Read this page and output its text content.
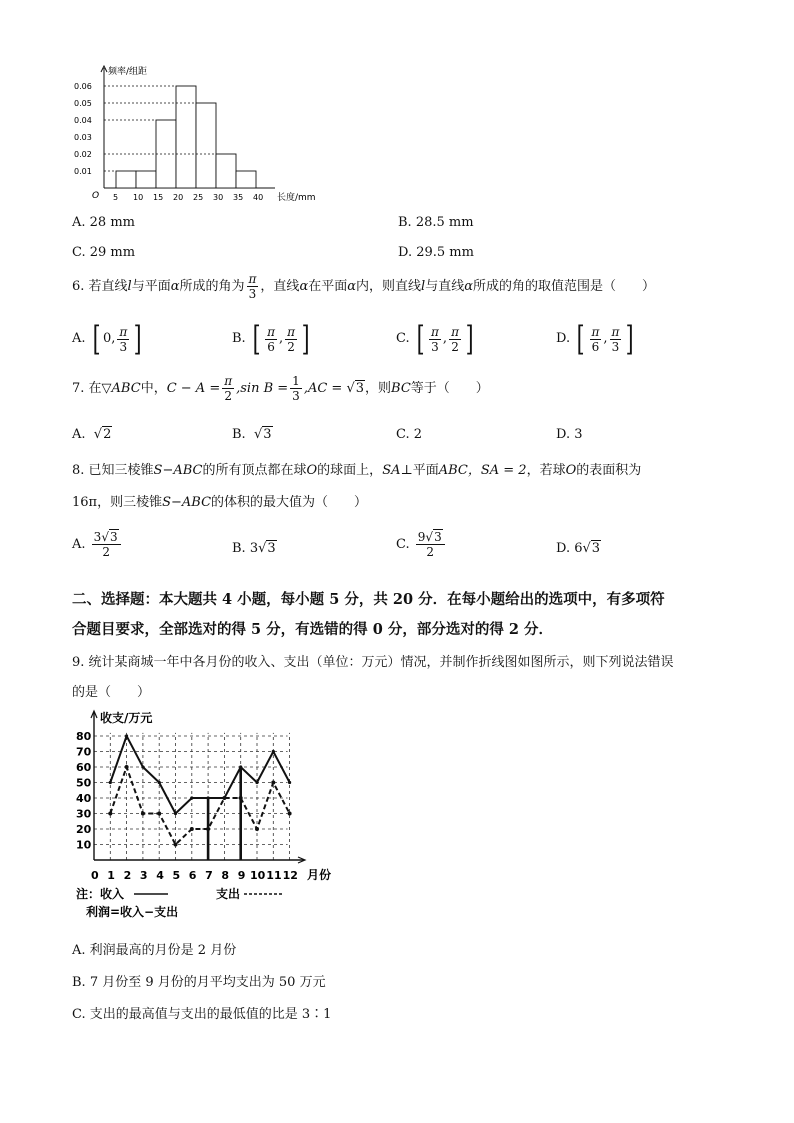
频率/组距
O	长度/mm
0.06
0.05
0.04
0.03
0.02
0.01
5 10 15 20 25 30 35 40
A. 28 mm	B. 28.5 mm
C. 29 mm	D. 29.5 mm
6. 若直线 l 与平面 α 所成的角为 $\frac{\pi}{3}$ ，直线 α 在平面 α 内，则直线 l 与直线 α 所成的角的取值范围是（　　）
A.
[ 0, $\frac{\pi}{3}$ ]	B.
[ $\frac{\pi}{6}$ , $\frac{\pi}{2}$ ]	C.
[ $\frac{\pi}{3}$ , $\frac{\pi}{2}$ ]	D.
[ $\frac{\pi}{6}$ , $\frac{\pi}{3}$ ]
7. 在 ▽ABC 中， $C - A = \frac{\pi}{2} ,\sin$ $B = \frac{1}{3} ,AC$ =
√ 3 ，则 BC 等于（　　）
A.  √2	B.  √3	C. 2	D. 3
8. 已知三棱锥S−ABC的所有顶点都在球O的球面上，SA⊥平面ABC，SA = 2，若球O的表面积为
16π，则三棱锥S−ABC的体积的最大值为（　　）
A.
$\frac{3√3}{2}$	B. 3√3	C.
$\frac{9√3}{2}$	D. 6√3
二、选择题：本大题共 4 小题，每小题 5 分，共 20 分．在每小题给出的选项中，有多项符
合题目要求，全部选对的得 5 分，有选错的得 0 分，部分选对的得 2 分．
9. 统计某商城一年中各月份的收入、支出（单位：万元）情况，并制作折线图如图所示，则下列说法错误
的是（　　）
收支/万元
月份
80
70
60
50
40
30
20
10
0 1 2 3 4 5 6 7 8 9 10 11 12
注：收入	支出
利润=收入−支出
A. 利润最高的月份是 2 月份
B. 7 月份至 9 月份的月平均支出为 50 万元
C. 支出的最高值与支出的最低值的比是 3∶1
